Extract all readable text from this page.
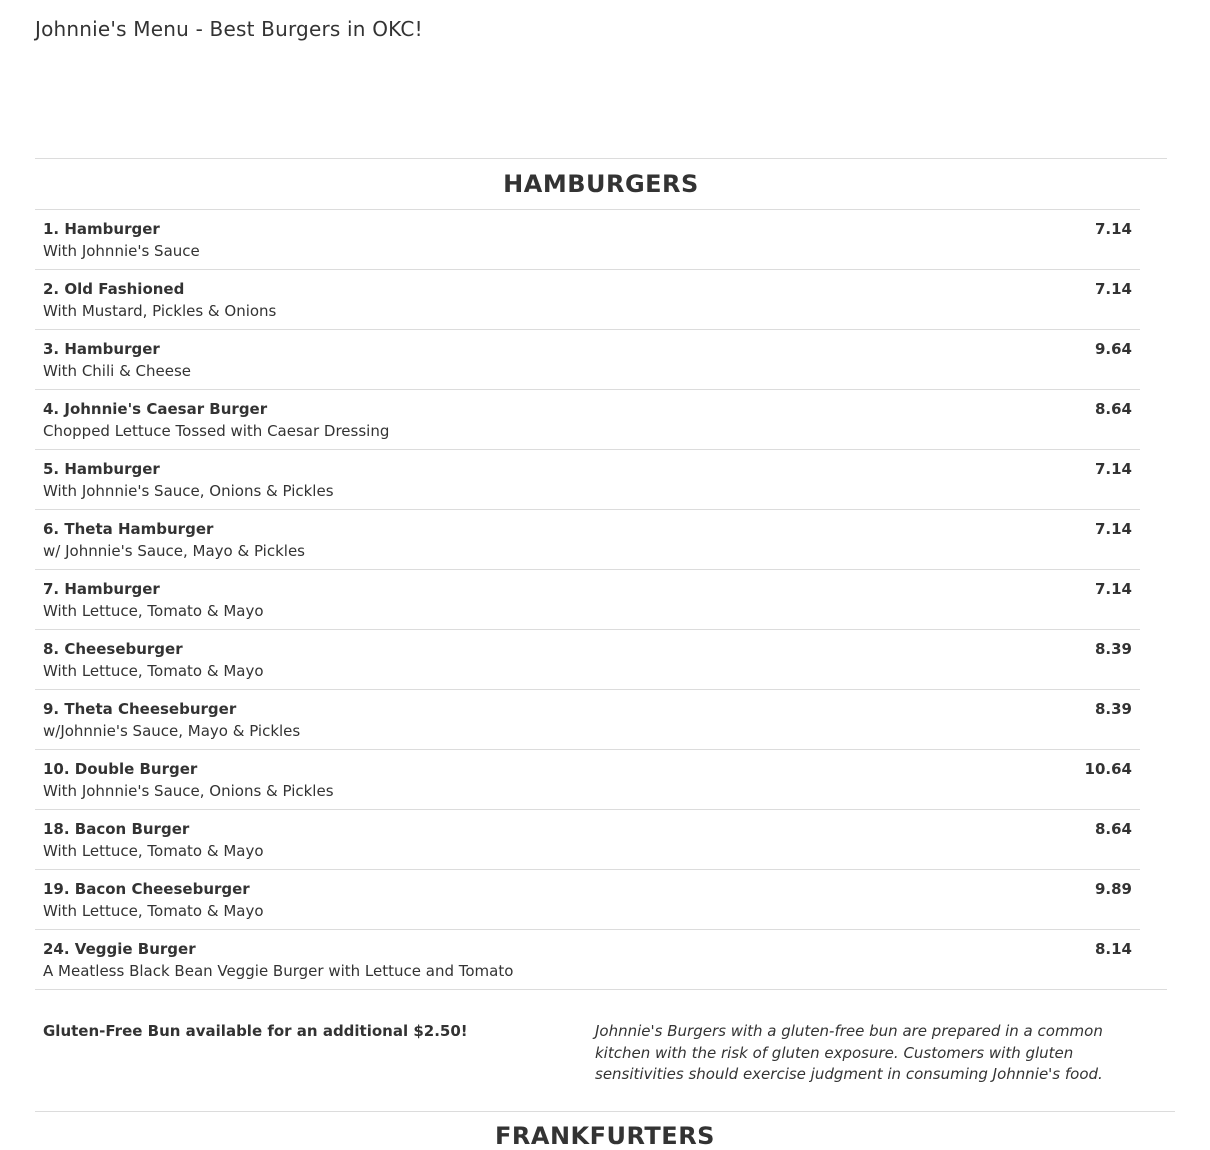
Johnnie's Menu - Best Burgers in OKC!
HAMBURGERS
1. Hamburger
With Johnnie's Sauce
7.14
2. Old Fashioned
With Mustard, Pickles & Onions
7.14
3. Hamburger
With Chili & Cheese
9.64
4. Johnnie's Caesar Burger
Chopped Lettuce Tossed with Caesar Dressing
8.64
5. Hamburger
With Johnnie's Sauce, Onions & Pickles
7.14
6. Theta Hamburger
w/ Johnnie's Sauce, Mayo & Pickles
7.14
7. Hamburger
With Lettuce, Tomato & Mayo
7.14
8. Cheeseburger
With Lettuce, Tomato & Mayo
8.39
9. Theta Cheeseburger
w/Johnnie's Sauce, Mayo & Pickles
8.39
10. Double Burger
With Johnnie's Sauce, Onions & Pickles
10.64
18. Bacon Burger
With Lettuce, Tomato & Mayo
8.64
19. Bacon Cheeseburger
With Lettuce, Tomato & Mayo
9.89
24. Veggie Burger
A Meatless Black Bean Veggie Burger with Lettuce and Tomato
8.14
Gluten-Free Bun available for an additional $2.50!	Johnnie's Burgers with a gluten-free bun are prepared in a common kitchen with the risk of gluten exposure. Customers with gluten sensitivities should exercise judgment in consuming Johnnie's food.
FRANKFURTERS
